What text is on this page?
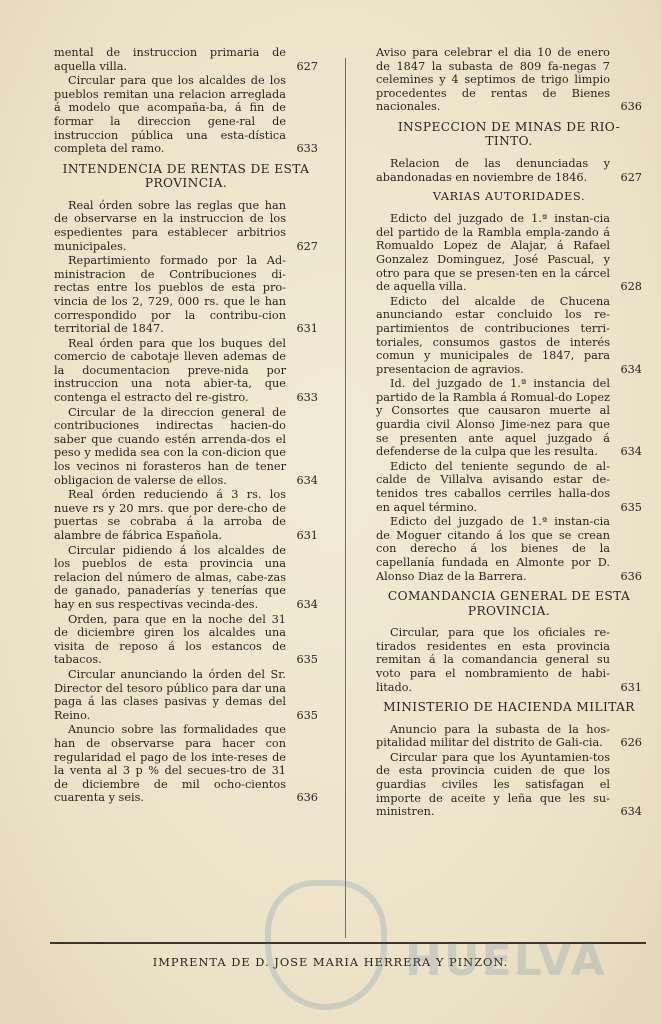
mental de instruccion primaria de aquella villa.	627
Circular para que los alcaldes de los pueblos remitan una relacion arreglada á modelo que acompaña-ba, á fin de formar la direccion gene-ral de instruccion pública una esta-dística completa del ramo.	633
INTENDENCIA DE RENTAS DE ESTA PROVINCIA.
Real órden sobre las reglas que han de observarse en la instruccion de los espedientes para establecer arbitrios municipales.	627
Repartimiento formado por la Ad-ministracion de Contribuciones di-rectas entre los pueblos de esta pro-vincia de los 2, 729, 000 rs. que le han correspondido por la contribu-cion territorial de 1847.	631
Real órden para que los buques del comercio de cabotaje lleven ademas de la documentacion preve-nida por instruccion una nota abier-ta, que contenga el estracto del re-gistro.	633
Circular de la direccion general de contribuciones indirectas hacien-do saber que cuando estén arrenda-dos el peso y medida sea con la con-dicion que los vecinos ni forasteros han de tener obligacion de valerse de ellos.	634
Real órden reduciendo á 3 rs. los nueve rs y 20 mrs. que por dere-cho de puertas se cobraba á la arroba de alambre de fábrica Española.	631
Circular pidiendo á los alcaldes de los pueblos de esta provincia una relacion del número de almas, cabe-zas de ganado, panaderías y tenerías que hay en sus respectivas vecinda-des.	634
Orden, para que en la noche del 31 de diciembre giren los alcaldes una visita de reposo á los estancos de tabacos.	635
Circular anunciando la órden del Sr. Director del tesoro público para dar una paga á las clases pasivas y demas del Reino.	635
Anuncio sobre las formalidades que han de observarse para hacer con regularidad el pago de los inte-reses de la venta al 3 p % del secues-tro de 31 de diciembre de mil ocho-cientos cuarenta y seis.	636
Aviso para celebrar el dia 10 de enero de 1847 la subasta de 809 fa-negas 7 celemines y 4 septimos de trigo limpio procedentes de rentas de Bienes nacionales.	636
INSPECCION DE MINAS DE RIO-TINTO.
Relacion de las denunciadas y abandonadas en noviembre de 1846.	627
VARIAS AUTORIDADES.
Edicto del juzgado de 1.ª instan-cia del partido de la Rambla empla-zando á Romualdo Lopez de Alajar, á Rafael Gonzalez Dominguez, José Pascual, y otro para que se presen-ten en la cárcel de aquella villa.	628
Edicto del alcalde de Chucena anunciando estar concluido los re-partimientos de contribuciones terri-toriales, consumos gastos de interés comun y municipales de 1847, para presentacion de agravios.	634
Id. del juzgado de 1.ª instancia del partido de la Rambla á Romual-do Lopez y Consortes que causaron muerte al guardia civil Alonso Jime-nez para que se presenten ante aquel juzgado á defenderse de la culpa que les resulta.	634
Edicto del teniente segundo de al-calde de Villalva avisando estar de-tenidos tres caballos cerriles halla-dos en aquel término.	635
Edicto del juzgado de 1.ª instan-cia de Moguer citando á los que se crean con derecho á los bienes de la capellanía fundada en Almonte por D. Alonso Diaz de la Barrera.	636
COMANDANCIA GENERAL DE ESTA PROVINCIA.
Circular, para que los oficiales re-tirados residentes en esta provincia remitan á la comandancia general su voto para el nombramiento de habi-litado.	631
MINISTERIO DE HACIENDA MILITAR
Anuncio para la subasta de la hos-pitalidad militar del distrito de Gali-cia.	626
Circular para que los Ayuntamien-tos de esta provincia cuiden de que los guardias civiles les satisfagan el importe de aceite y leña que les su-ministren.	634
IMPRENTA DE D. JOSE MARIA HERRERA Y PINZON.
HUELVA
